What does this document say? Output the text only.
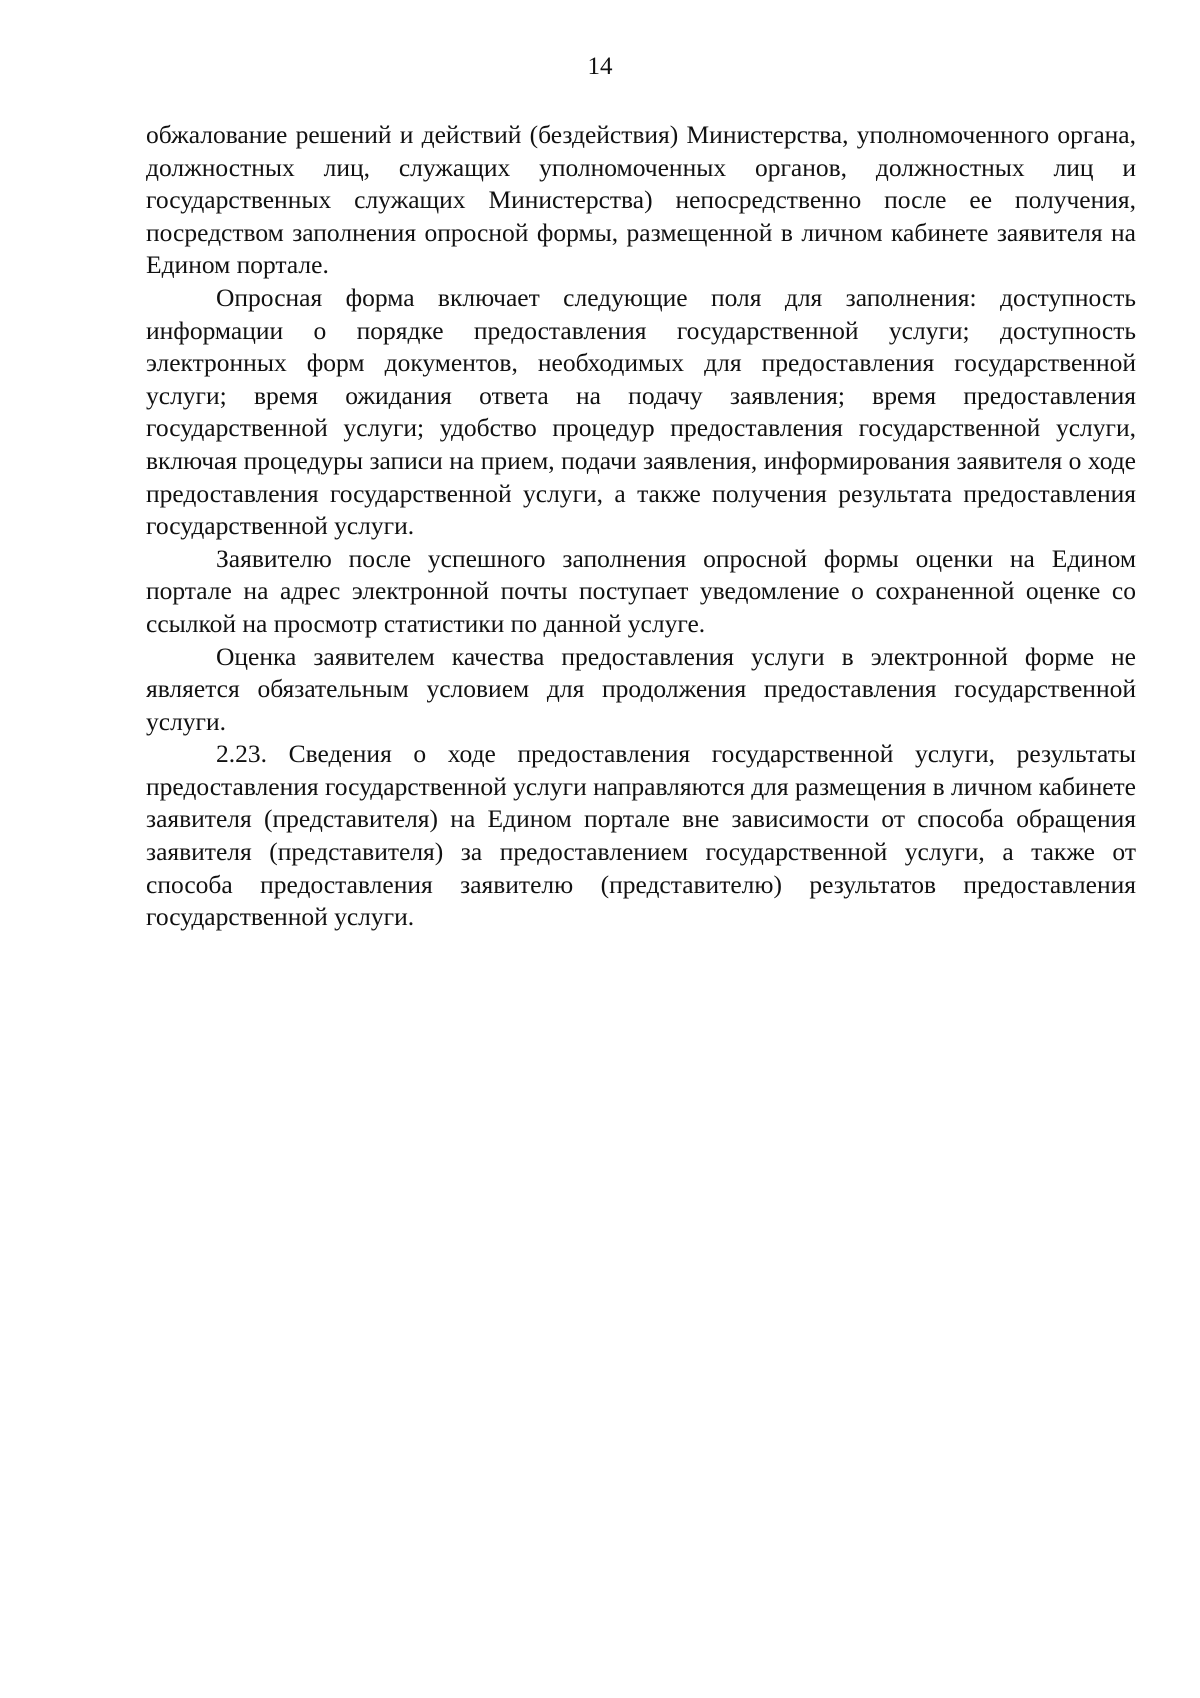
14

обжалование решений и действий (бездействия) Министерства, уполномоченного органа, должностных лиц, служащих уполномоченных органов, должностных лиц и государственных служащих Министерства) непосредственно после ее получения, посредством заполнения опросной формы, размещенной в личном кабинете заявителя на Едином портале.

Опросная форма включает следующие поля для заполнения: доступность информации о порядке предоставления государственной услуги; доступность электронных форм документов, необходимых для предоставления государственной услуги; время ожидания ответа на подачу заявления; время предоставления государственной услуги; удобство процедур предоставления государственной услуги, включая процедуры записи на прием, подачи заявления, информирования заявителя о ходе предоставления государственной услуги, а также получения результата предоставления государственной услуги.

Заявителю после успешного заполнения опросной формы оценки на Едином портале на адрес электронной почты поступает уведомление о сохраненной оценке со ссылкой на просмотр статистики по данной услуге.

Оценка заявителем качества предоставления услуги в электронной форме не является обязательным условием для продолжения предоставления государственной услуги.

2.23. Сведения о ходе предоставления государственной услуги, результаты предоставления государственной услуги направляются для размещения в личном кабинете заявителя (представителя) на Едином портале вне зависимости от способа обращения заявителя (представителя) за предоставлением государственной услуги, а также от способа предоставления заявителю (представителю) результатов предоставления государственной услуги.
